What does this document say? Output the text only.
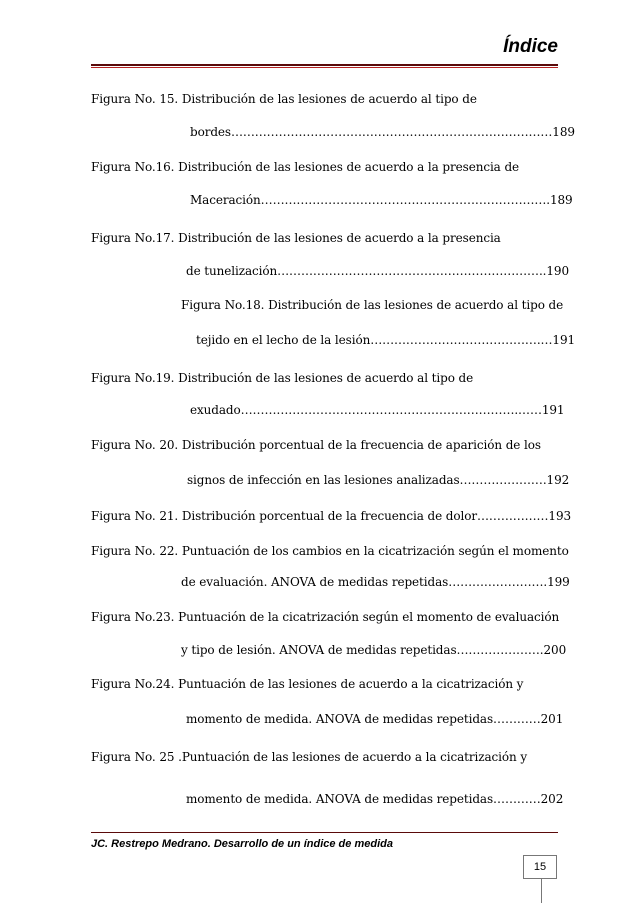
Índice
Figura No. 15. Distribución de las lesiones de acuerdo al tipo de
bordes………………………………………………………………………189
Figura No.16. Distribución de las lesiones de acuerdo a la presencia de
Maceración……………………………………………………………….189
Figura No.17. Distribución de las lesiones de acuerdo a la presencia
de tunelización…………………………………………………………..190
Figura No.18. Distribución de las lesiones de acuerdo al tipo de
tejido en el lecho de la lesión…………………………………….…191
Figura No.19. Distribución de las lesiones de acuerdo al tipo de
exudado…………………………………………………………….……191
Figura No. 20. Distribución porcentual de la frecuencia de aparición de los
signos de infección en las lesiones analizadas………………….192
Figura No. 21. Distribución porcentual de la frecuencia de dolor………………193
Figura No. 22. Puntuación de los cambios en la cicatrización según el momento
de evaluación. ANOVA de medidas repetidas…………………….199
Figura No.23. Puntuación de la cicatrización según el momento de evaluación
y tipo de lesión. ANOVA de medidas repetidas………………….200
Figura No.24. Puntuación de las lesiones de acuerdo a la cicatrización y
momento de medida. ANOVA de medidas repetidas…………201
Figura No. 25 .Puntuación de las lesiones de acuerdo a la cicatrización y
momento de medida. ANOVA de medidas repetidas…………202
JC. Restrepo Medrano. Desarrollo de un índice de medida
15
